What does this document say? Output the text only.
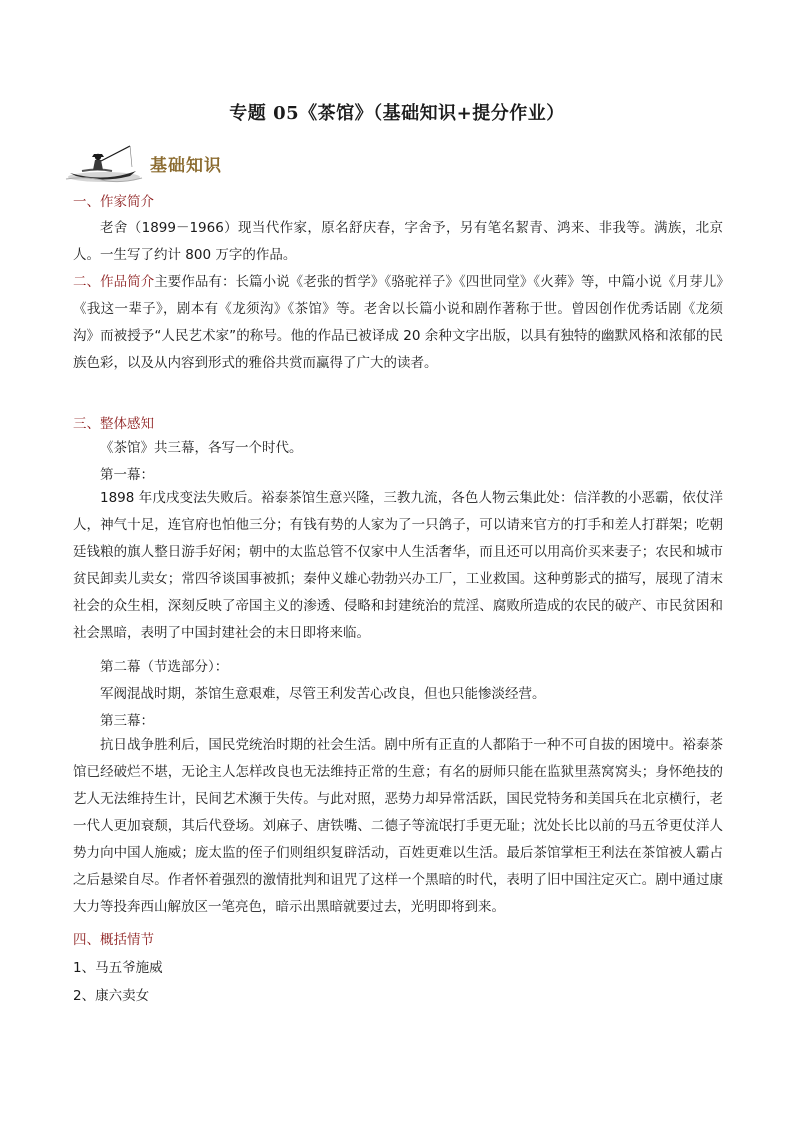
专题 05《茶馆》（基础知识+提分作业）
基础知识
一、作家简介
老舍（1899－1966）现当代作家，原名舒庆春，字舍予，另有笔名絜青、鸿来、非我等。满族，北京人。一生写了约计 800 万字的作品。
二、作品简介主要作品有：长篇小说《老张的哲学》《骆驼祥子》《四世同堂》《火葬》等，中篇小说《月芽儿》《我这一辈子》，剧本有《龙须沟》《茶馆》等。老舍以长篇小说和剧作著称于世。曾因创作优秀话剧《龙须沟》而被授予“人民艺术家”的称号。他的作品已被译成 20 余种文字出版，以具有独特的幽默风格和浓郁的民族色彩，以及从内容到形式的雅俗共赏而赢得了广大的读者。
三、整体感知
《茶馆》共三幕，各写一个时代。
第一幕：
1898 年戊戌变法失败后。裕泰茶馆生意兴隆，三教九流，各色人物云集此处：信洋教的小恶霸，依仗洋人，神气十足，连官府也怕他三分；有钱有势的人家为了一只鸽子，可以请来官方的打手和差人打群架；吃朝廷钱粮的旗人整日游手好闲；朝中的太监总管不仅家中人生活奢华，而且还可以用高价买来妻子；农民和城市贫民卸卖儿卖女；常四爷谈国事被抓；秦仲义雄心勃勃兴办工厂，工业救国。这种剪影式的描写，展现了清末社会的众生相，深刻反映了帝国主义的渗透、侵略和封建统治的荒淫、腐败所造成的农民的破产、市民贫困和社会黑暗，表明了中国封建社会的末日即将来临。
第二幕（节选部分）：
军阀混战时期，茶馆生意艰难，尽管王利发苦心改良，但也只能惨淡经营。
第三幕：
抗日战争胜利后，国民党统治时期的社会生活。剧中所有正直的人都陷于一种不可自拔的困境中。裕泰茶馆已经破烂不堪，无论主人怎样改良也无法维持正常的生意；有名的厨师只能在监狱里蒸窝窝头；身怀绝技的艺人无法维持生计，民间艺术濒于失传。与此对照，恶势力却异常活跃，国民党特务和美国兵在北京横行，老一代人更加衰颓，其后代登场。刘麻子、唐铁嘴、二德子等流氓打手更无耻；沈处长比以前的马五爷更仗洋人势力向中国人施威；庞太监的侄子们则组织复辟活动，百姓更难以生活。最后茶馆掌柜王利法在茶馆被人霸占之后悬梁自尽。作者怀着强烈的激情批判和诅咒了这样一个黑暗的时代，表明了旧中国注定灭亡。剧中通过康大力等投奔西山解放区一笔亮色，暗示出黑暗就要过去，光明即将到来。
四、概括情节
1、马五爷施威
2、康六卖女
